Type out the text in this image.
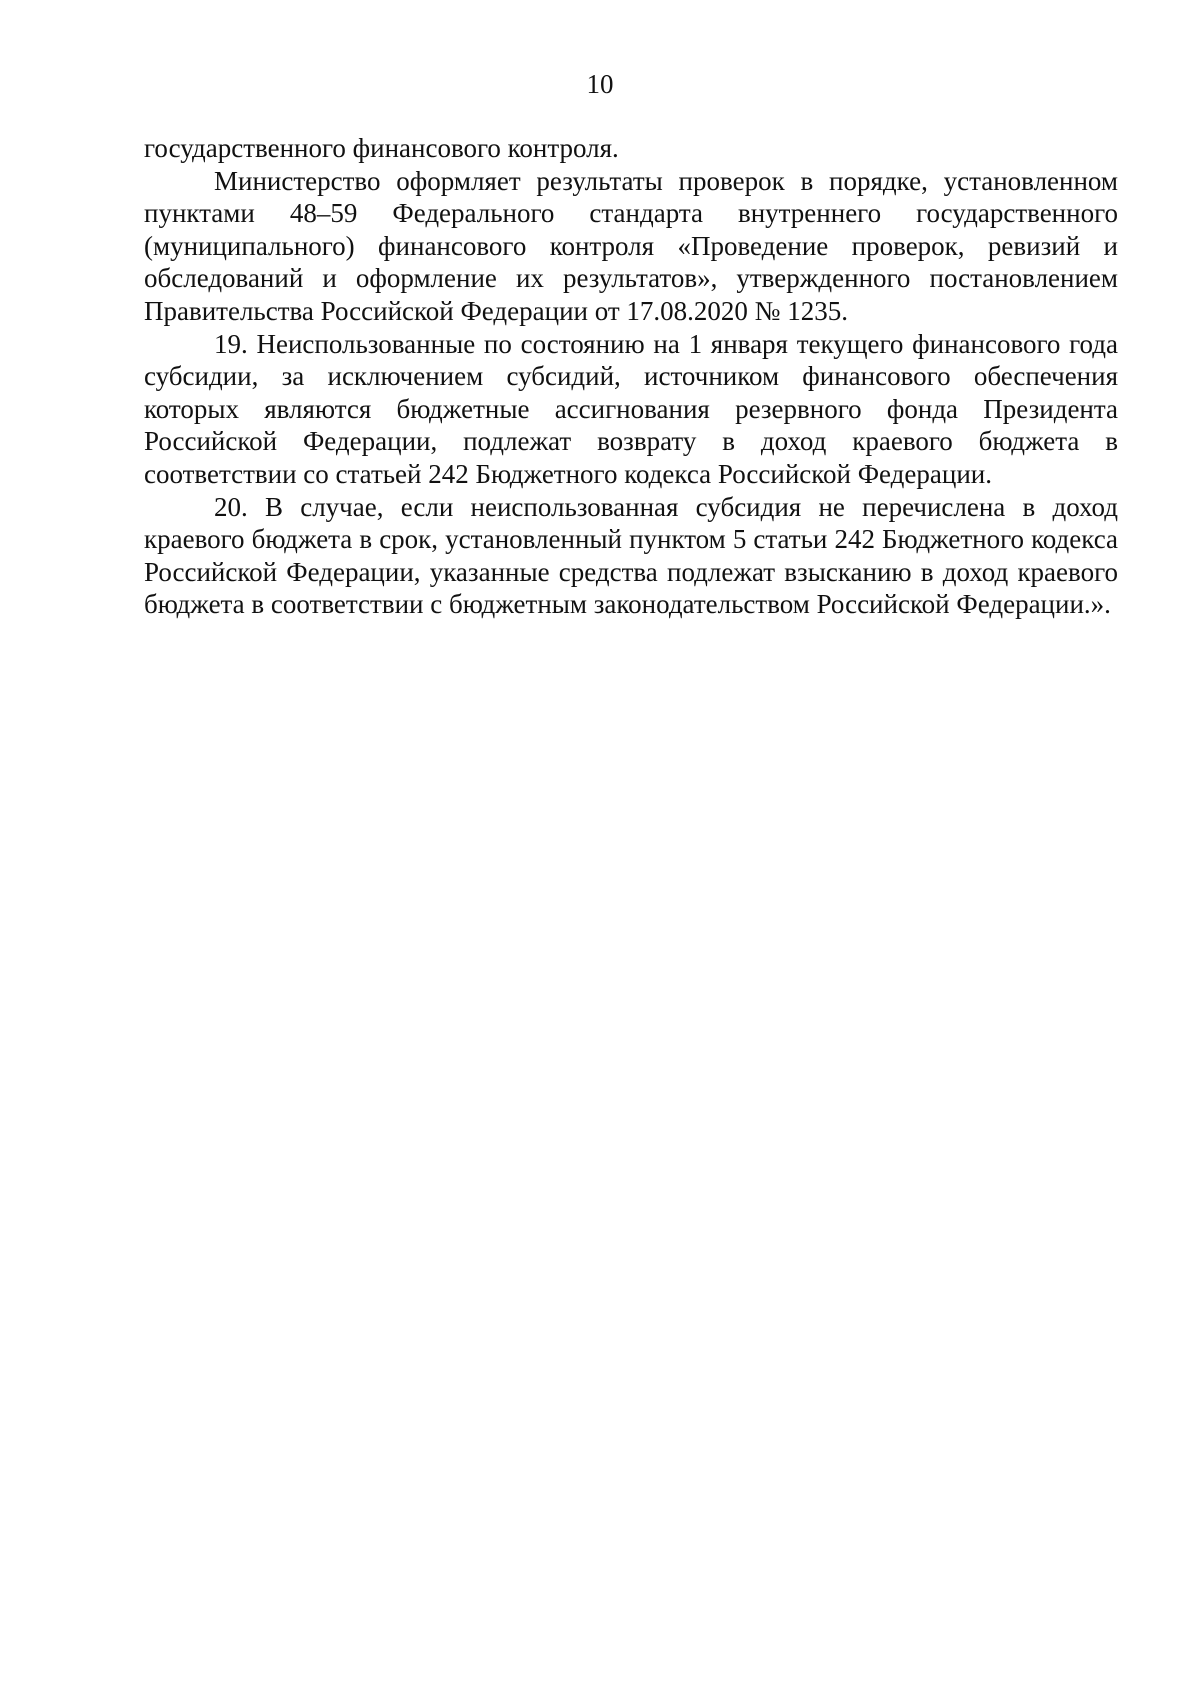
10

государственного финансового контроля.

Министерство оформляет результаты проверок в порядке, установленном пунктами 48–59 Федерального стандарта внутреннего государственного (муниципального) финансового контроля «Проведение проверок, ревизий и обследований и оформление их результатов», утвержденного постановлением Правительства Российской Федерации от 17.08.2020 № 1235.

19. Неиспользованные по состоянию на 1 января текущего финансового года субсидии, за исключением субсидий, источником финансового обеспечения которых являются бюджетные ассигнования резервного фонда Президента Российской Федерации, подлежат возврату в доход краевого бюджета в соответствии со статьей 242 Бюджетного кодекса Российской Федерации.

20. В случае, если неиспользованная субсидия не перечислена в доход краевого бюджета в срок, установленный пунктом 5 статьи 242 Бюджетного кодекса Российской Федерации, указанные средства подлежат взысканию в доход краевого бюджета в соответствии с бюджетным законодательством Российской Федерации.».
